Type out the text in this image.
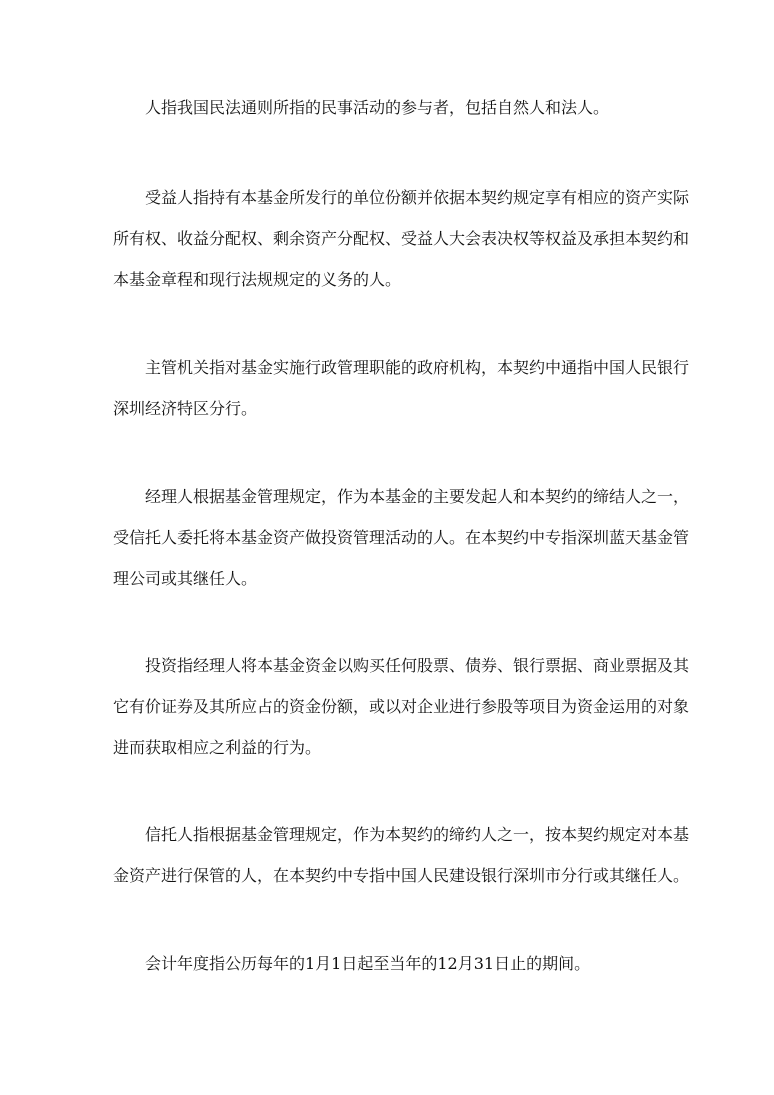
人指我国民法通则所指的民事活动的参与者，包括自然人和法人。

受益人指持有本基金所发行的单位份额并依据本契约规定享有相应的资产实际
所有权、收益分配权、剩余资产分配权、受益人大会表决权等权益及承担本契约和
本基金章程和现行法规规定的义务的人。

主管机关指对基金实施行政管理职能的政府机构，本契约中通指中国人民银行
深圳经济特区分行。

经理人根据基金管理规定，作为本基金的主要发起人和本契约的缔结人之一，
受信托人委托将本基金资产做投资管理活动的人。在本契约中专指深圳蓝天基金管
理公司或其继任人。

投资指经理人将本基金资金以购买任何股票、债券、银行票据、商业票据及其
它有价证券及其所应占的资金份额，或以对企业进行参股等项目为资金运用的对象
进而获取相应之利益的行为。

信托人指根据基金管理规定，作为本契约的缔约人之一，按本契约规定对本基
金资产进行保管的人，在本契约中专指中国人民建设银行深圳市分行或其继任人。

会计年度指公历每年的1月1日起至当年的12月31日止的期间。
